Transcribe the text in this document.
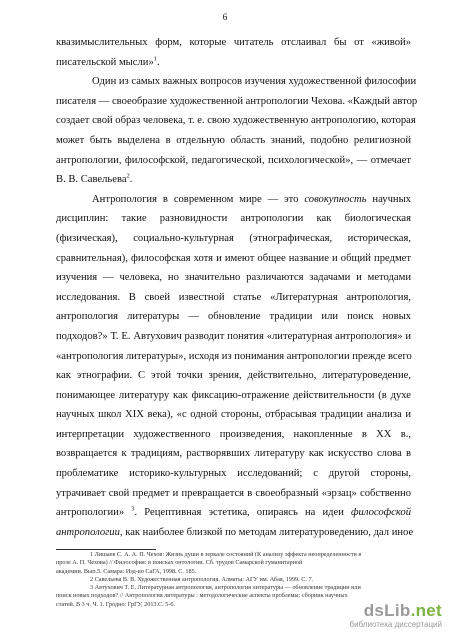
6
квазимыслительных форм, которые читатель отслаивал бы от «живой»
писательской мысли»$^1$.
Один из самых важных вопросов изучения художественной философии
писателя — своеобразие художественной антропологии Чехова. «Каждый автор
создает свой образ человека, т. е. свою художественную антропологию, которая
может быть выделена в отдельную область знаний, подобно религиозной
антропологии, философской, педагогической, психологической», — отмечает
В. В. Савельева$^2$.
Антропология в современном мире — это совокупность научных
дисциплин: такие разновидности антропологии как биологическая
(физическая), социально-культурная (этнографическая, историческая,
сравнительная), философская хотя и имеют общее название и общий предмет
изучения — человека, но значительно различаются задачами и методами
исследования. В своей известной статье «Литературная антропология,
антропология литературы — обновление традиции или поиск новых
подходов?» Т. Е. Автухович разводит понятия «литературная антропология» и
«антропология литературы», исходя из понимания антропологии прежде всего
как этнографии. С этой точки зрения, действительно, литературоведение,
понимающее литературу как фиксацию-отражение действительности (в духе
научных школ XIX века), «с одной стороны, отбрасывая традиции анализа и
интерпретации художественного произведения, накопленные в XX в.,
возвращается к традициям, растворявших литературу как искусство слова в
проблематике историко-культурных исследований; с другой стороны,
утрачивает свой предмет и превращается в своеобразный «эрзац» собственно
антропологии» $^3$. Рецептивная эстетика, опираясь на идеи философской
антропологии, как наиболее близкой по методам литературоведению, дал иное
1 Лишаев С. А. А. П. Чехов: Жизнь души в зеркале состояний (К анализу эффекта неопределенности в
прозе А. П. Чехова) // Философия: в поисках онтологии. Сб. трудов Самарской гуманитарной
академии. Вып.5. Самара: Изд-во СаГА, 1998. С. 185.
2 Савельева В. В. Художественная антропология. Алматы: АГУ им. Абая, 1999. С. 7.
3 Автухович Т. Е. Литературная антропология, антропология литературы — обновление традиции или
поиск новых подходов? // Антропология литературы : методологические аспекты проблемы: сборник научных
статей. В 3 ч. Ч. 1. Гродно: ГрГУ, 2013.С. 5-6.	dsLib.net
библиотека диссертаций
